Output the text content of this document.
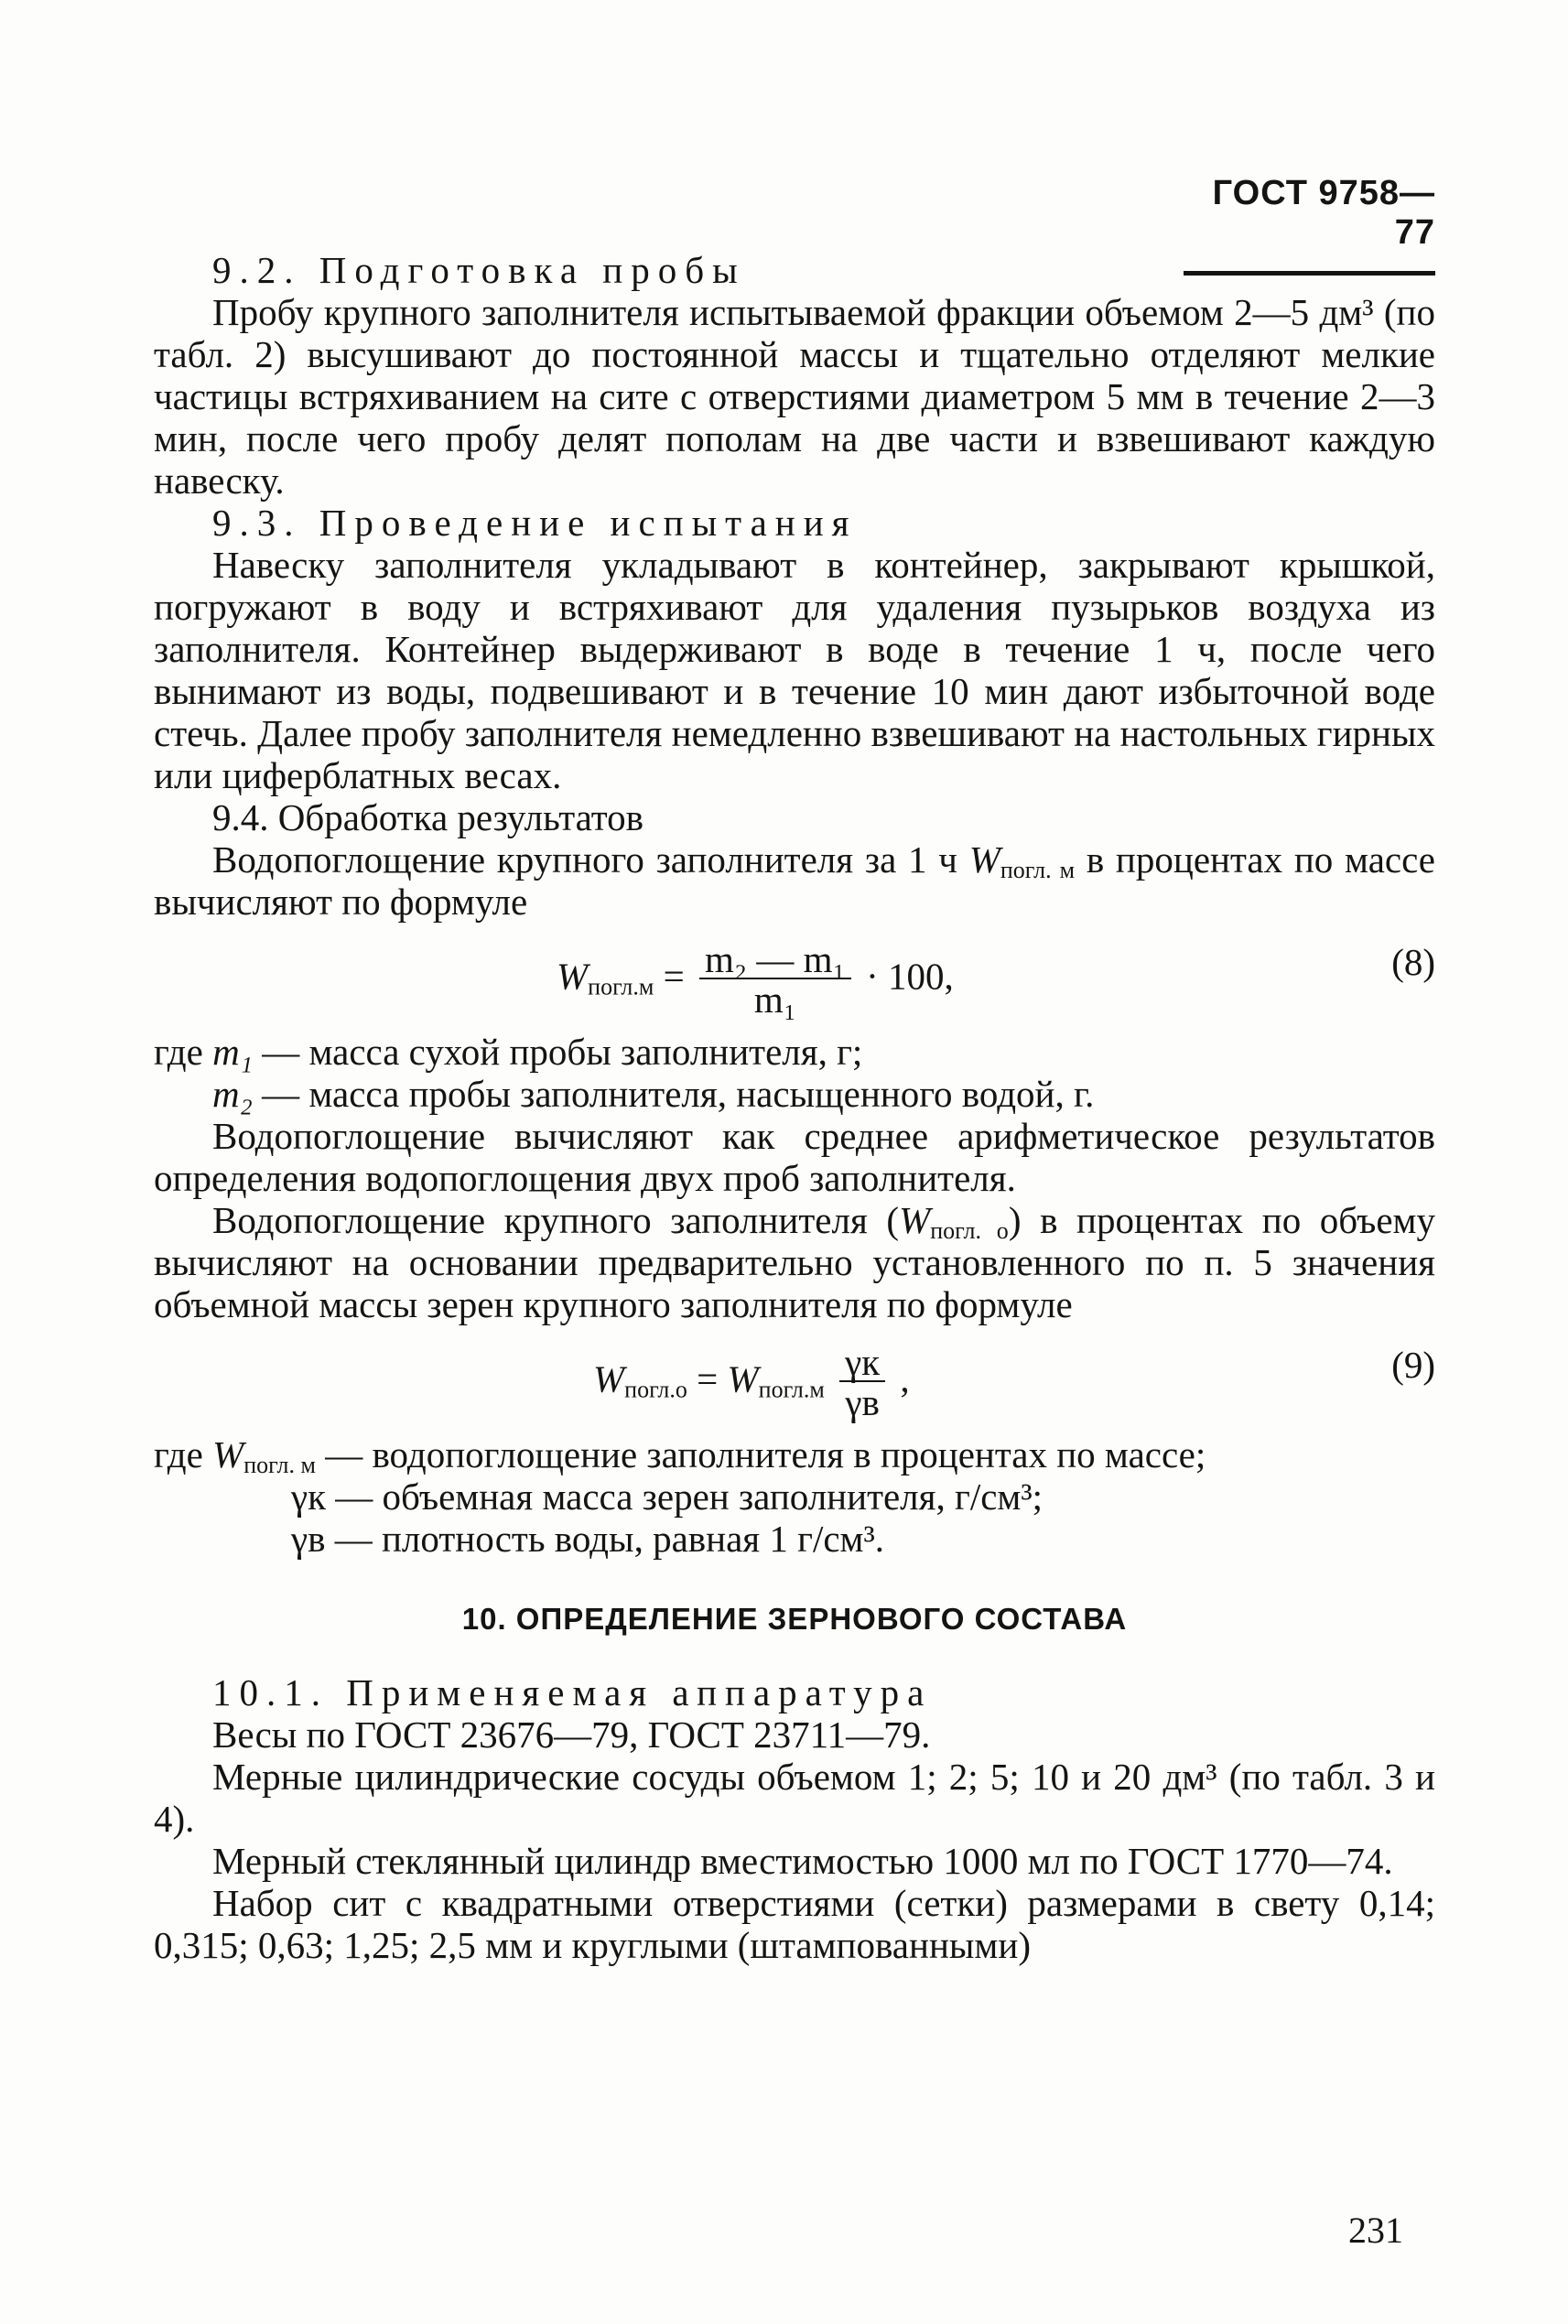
ГОСТ 9758—77

9.2. Подготовка пробы

Пробу крупного заполнителя испытываемой фракции объемом 2—5 дм³ (по табл. 2) высушивают до постоянной массы и тщательно отделяют мелкие частицы встряхиванием на сите с отверстиями диаметром 5 мм в течение 2—3 мин, после чего пробу делят пополам на две части и взвешивают каждую навеску.

9.3. Проведение испытания

Навеску заполнителя укладывают в контейнер, закрывают крышкой, погружают в воду и встряхивают для удаления пузырьков воздуха из заполнителя. Контейнер выдерживают в воде в течение 1 ч, после чего вынимают из воды, подвешивают и в течение 10 мин дают избыточной воде стечь. Далее пробу заполнителя немедленно взвешивают на настольных гирных или циферблатных весах.

9.4. Обработка результатов

Водопоглощение крупного заполнителя за 1 ч $W_{погл. м}$ в процентах по массе вычисляют по формуле

$W_{погл.м} = \frac{\text{m₂ — m₁}}{\text{m₁}} \cdot 100$,	(8)
где m₁ — масса сухой пробы заполнителя, г;
m₂ — масса пробы заполнителя, насыщенного водой, г.

Водопоглощение вычисляют как среднее арифметическое результатов определения водопоглощения двух проб заполнителя.

Водопоглощение крупного заполнителя $(W_{погл. о})$ в процентах по объему вычисляют на основании предварительно установленного по п. 5 значения объемной массы зерен крупного заполнителя по формуле

$W_{погл.о} = W_{погл.м} \frac{\gamma к}{\gamma в}$ ,	(9)
где $W_{погл. м}$ — водопоглощение заполнителя в процентах по массе;
γк — объемная масса зерен заполнителя, г/см³;
γв — плотность воды, равная 1 г/см³.
10. ОПРЕДЕЛЕНИЕ ЗЕРНОВОГО СОСТАВА

10.1. Применяемая аппаратура

Весы по ГОСТ 23676—79, ГОСТ 23711—79.

Мерные цилиндрические сосуды объемом 1; 2; 5; 10 и 20 дм³ (по табл. 3 и 4).

Мерный стеклянный цилиндр вместимостью 1000 мл по ГОСТ 1770—74.

Набор сит с квадратными отверстиями (сетки) размерами в свету 0,14; 0,315; 0,63; 1,25; 2,5 мм и круглыми (штампованными)

231
